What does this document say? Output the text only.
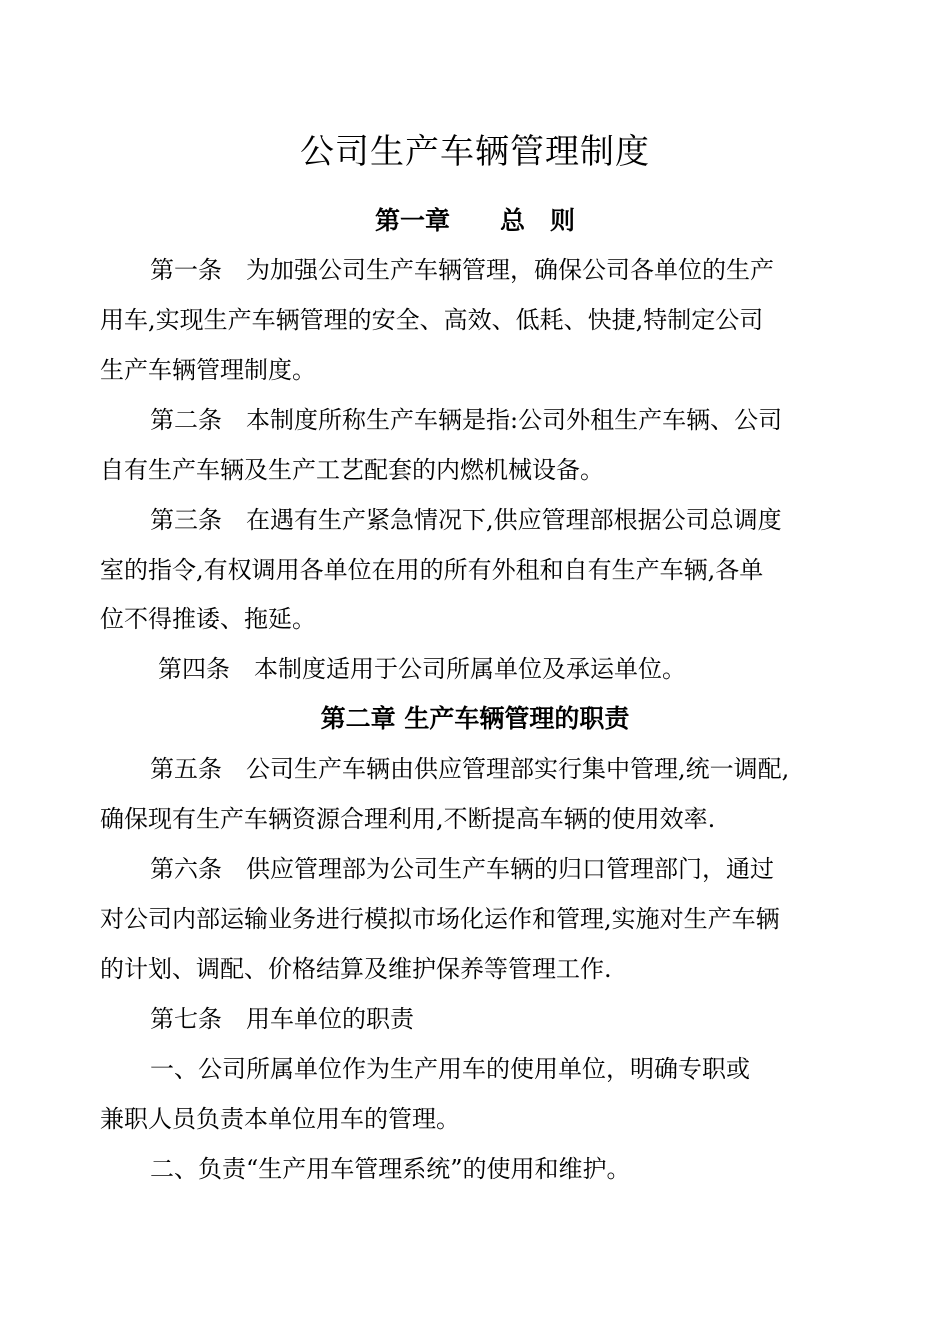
公司生产车辆管理制度
第一章　　总　则
第一条　为加强公司生产车辆管理，确保公司各单位的生产
用车,实现生产车辆管理的安全、高效、低耗、快捷,特制定公司
生产车辆管理制度。
第二条　本制度所称生产车辆是指:公司外租生产车辆、公司
自有生产车辆及生产工艺配套的内燃机械设备。
第三条　在遇有生产紧急情况下,供应管理部根据公司总调度
室的指令,有权调用各单位在用的所有外租和自有生产车辆,各单
位不得推诿、拖延。
第四条　本制度适用于公司所属单位及承运单位。
第二章 生产车辆管理的职责
第五条　公司生产车辆由供应管理部实行集中管理,统一调配,
确保现有生产车辆资源合理利用,不断提高车辆的使用效率.
第六条　供应管理部为公司生产车辆的归口管理部门，通过
对公司内部运输业务进行模拟市场化运作和管理,实施对生产车辆
的计划、调配、价格结算及维护保养等管理工作.
第七条　用车单位的职责
一、公司所属单位作为生产用车的使用单位，明确专职或
兼职人员负责本单位用车的管理。
二、负责“生产用车管理系统”的使用和维护。
